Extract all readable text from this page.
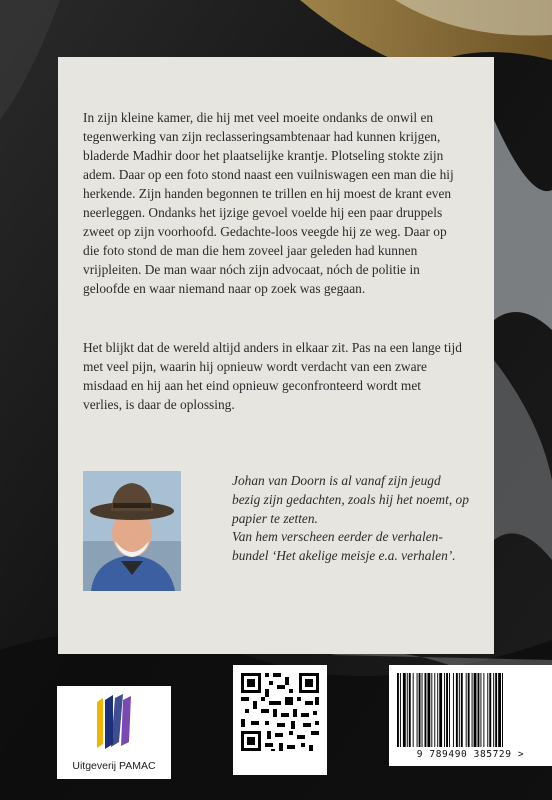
In zijn kleine kamer, die hij met veel moeite ondanks de onwil en tegenwerking van zijn reclasseringsambtenaar had kunnen krijgen, bladerde Madhir door het plaatselijke krantje. Plotseling stokte zijn adem. Daar op een foto stond naast een vuilniswagen een man die hij herkende. Zijn handen begonnen te trillen en hij moest de krant even neerleggen. Ondanks het ijzige gevoel voelde hij een paar druppels zweet op zijn voorhoofd. Gedachte-loos veegde hij ze weg. Daar op die foto stond de man die hem zoveel jaar geleden had kunnen vrijpleiten. De man waar nóch zijn advocaat, nóch de politie in geloofde en waar niemand naar op zoek was gegaan.

Het blijkt dat de wereld altijd anders in elkaar zit. Pas na een lange tijd met veel pijn, waarin hij opnieuw wordt verdacht van een zware misdaad en hij aan het eind opnieuw geconfronteerd wordt met verlies, is daar de oplossing.

Johan van Doorn is al vanaf zijn jeugd bezig zijn gedachten, zoals hij het noemt, op papier te zetten.

Van hem verscheen eerder de verhalen-bundel ‘Het akelige meisje e.a. verhalen’.

Uitgeverij PAMAC
9 789490 385729 >
